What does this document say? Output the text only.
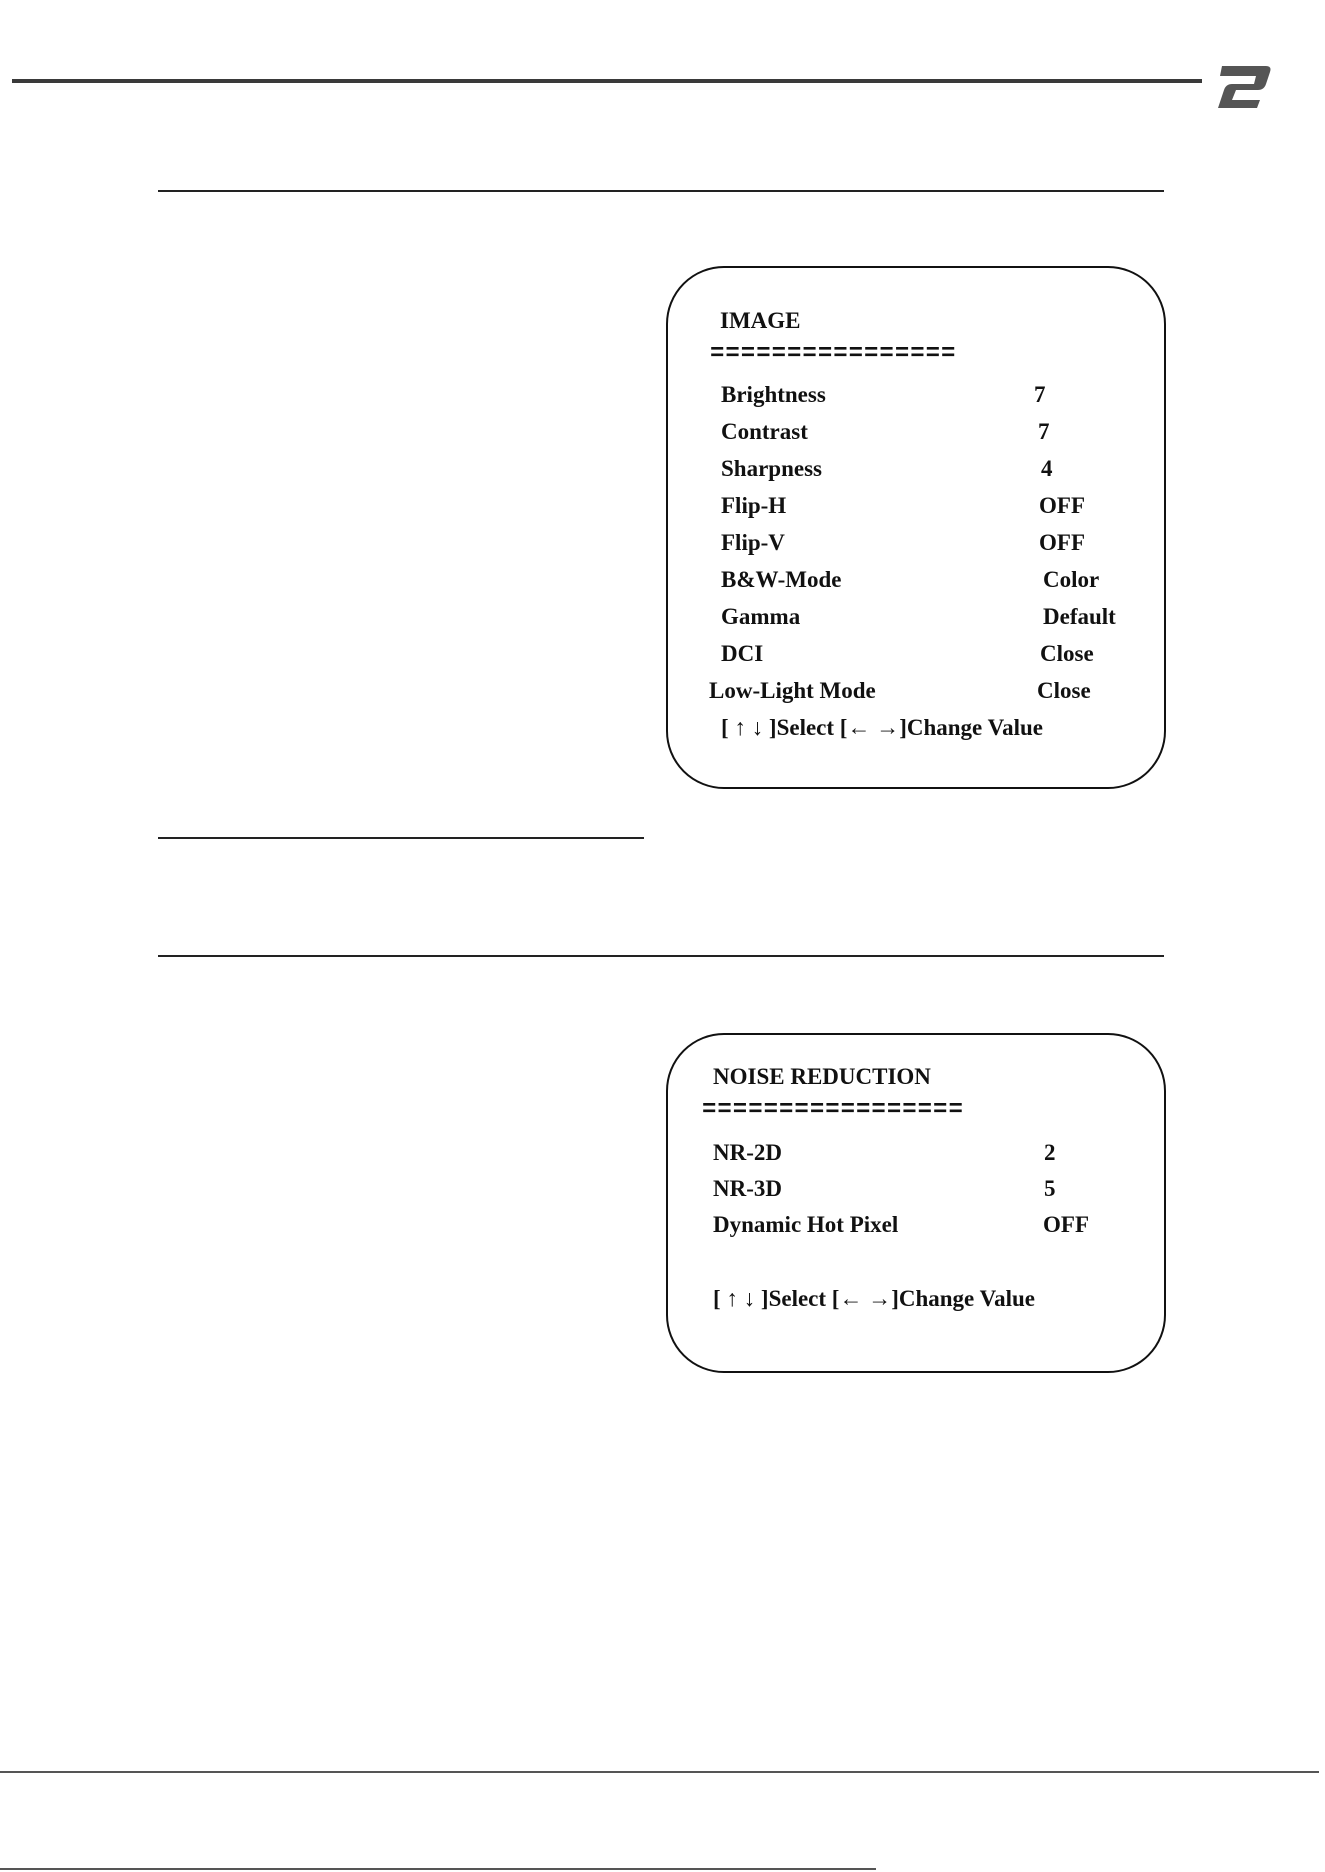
IMAGE
================
Brightness	7
Contrast	7
Sharpness	4
Flip-H	OFF
Flip-V	OFF
B&W-Mode	Color
Gamma	Default
DCI	Close
Low-Light Mode	Close
[ ↑ ↓ ]Select [← →]Change Value
NOISE REDUCTION
=================
NR-2D	2
NR-3D	5
Dynamic Hot Pixel	OFF
[ ↑ ↓ ]Select [← →]Change Value
